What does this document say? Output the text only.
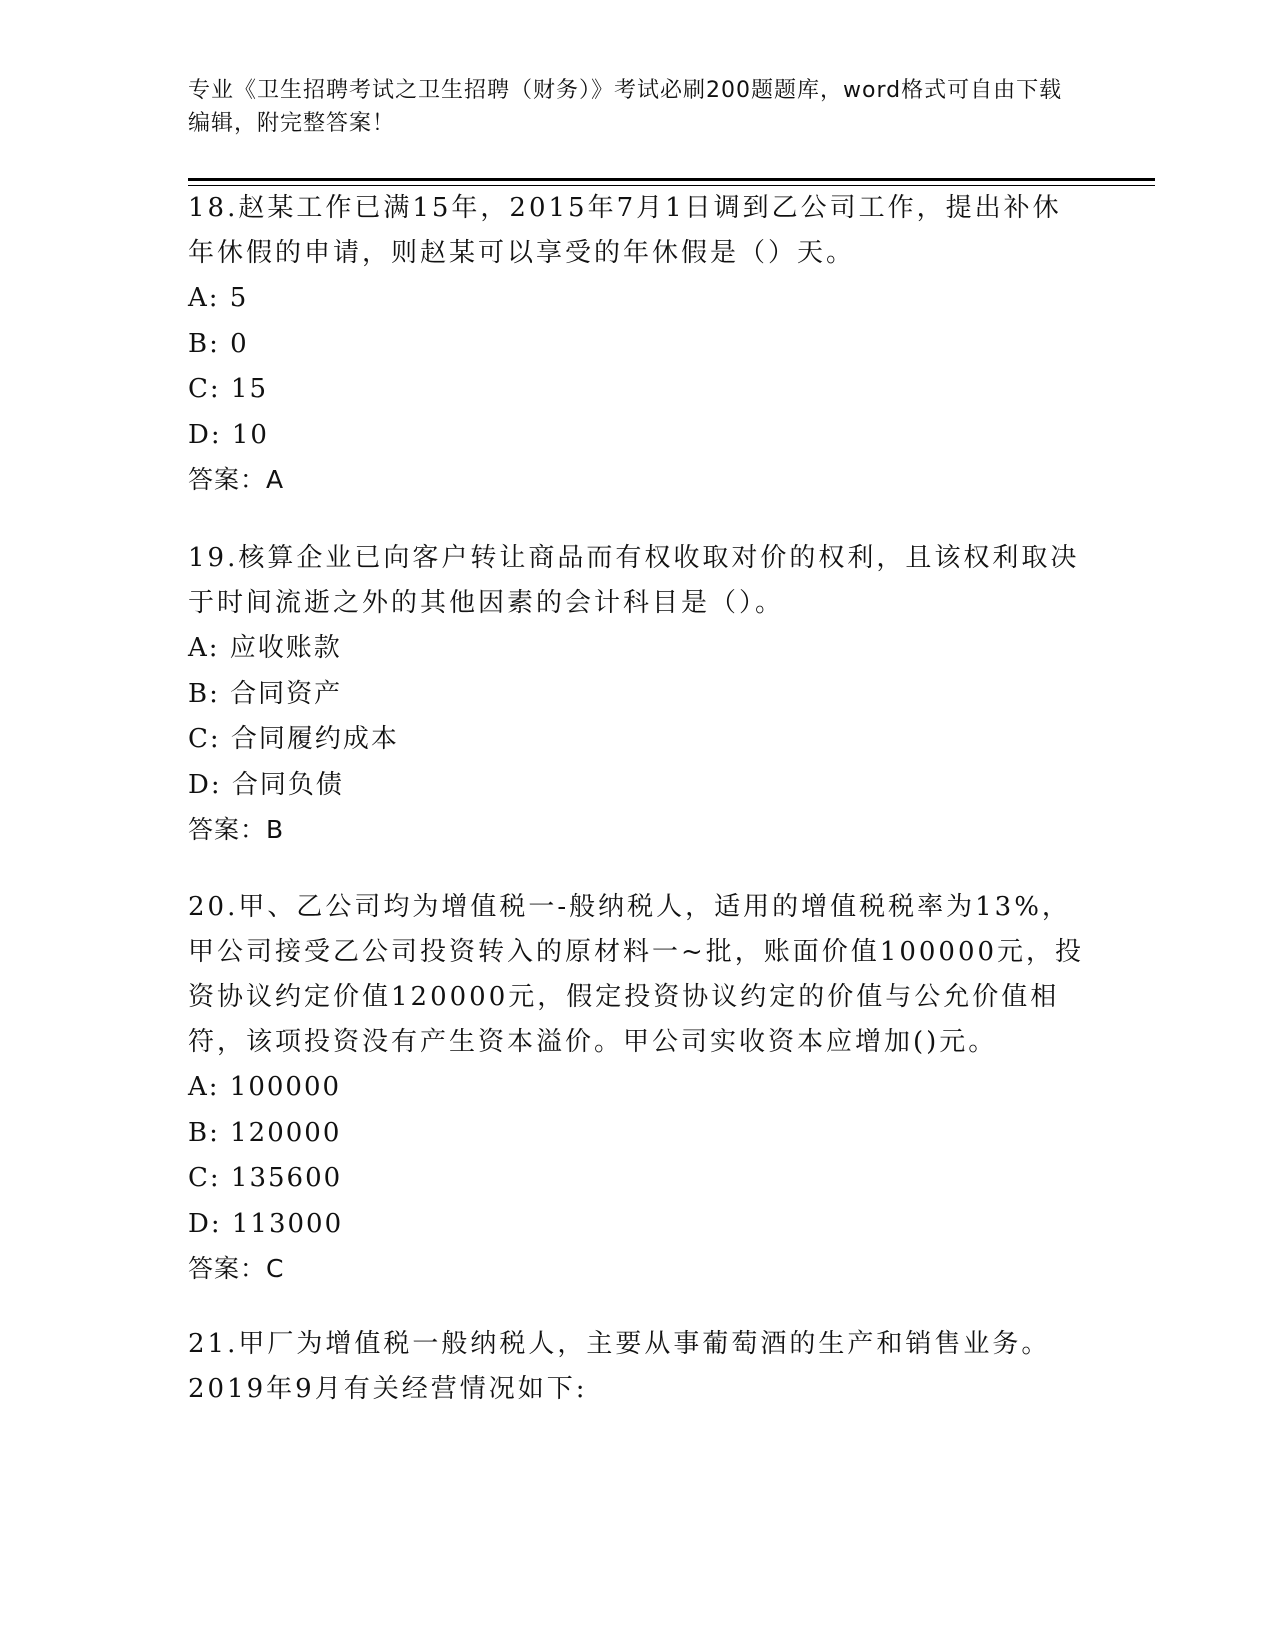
专业《卫生招聘考试之卫生招聘（财务）》考试必刷200题题库，word格式可自由下载编辑，附完整答案！

18.赵某工作已满15年，2015年7月1日调到乙公司工作，提出补休年休假的申请，则赵某可以享受的年休假是（）天。

A: 5
B: 0
C: 15
D: 10
答案：A

19.核算企业已向客户转让商品而有权收取对价的权利，且该权利取决于时间流逝之外的其他因素的会计科目是（）。

A: 应收账款
B: 合同资产
C: 合同履约成本
D: 合同负债
答案：B

20.甲、乙公司均为增值税一-般纳税人，适用的增值税税率为13%，甲公司接受乙公司投资转入的原材料一~批，账面价值100000元，投资协议约定价值120000元，假定投资协议约定的价值与公允价值相符，该项投资没有产生资本溢价。甲公司实收资本应增加()元。

A: 100000
B: 120000
C: 135600
D: 113000
答案：C

21.甲厂为增值税一般纳税人，主要从事葡萄酒的生产和销售业务。2019年9月有关经营情况如下:
